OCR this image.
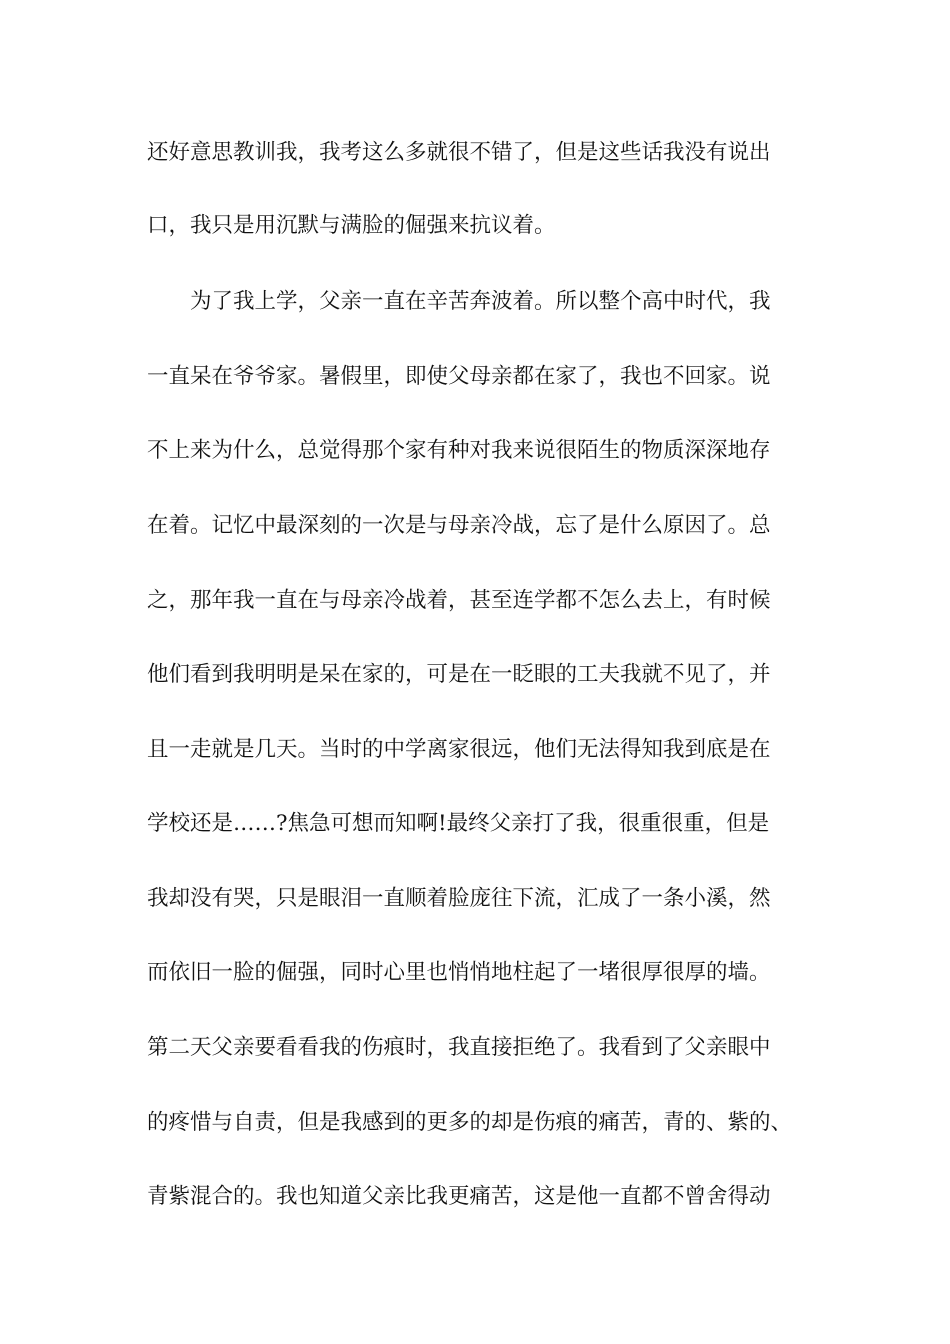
还好意思教训我，我考这么多就很不错了，但是这些话我没有说出

口，我只是用沉默与满脸的倔强来抗议着。

为了我上学，父亲一直在辛苦奔波着。所以整个高中时代，我

一直呆在爷爷家。暑假里，即使父母亲都在家了，我也不回家。说

不上来为什么，总觉得那个家有种对我来说很陌生的物质深深地存

在着。记忆中最深刻的一次是与母亲冷战，忘了是什么原因了。总

之，那年我一直在与母亲冷战着，甚至连学都不怎么去上，有时候

他们看到我明明是呆在家的，可是在一眨眼的工夫我就不见了，并

且一走就是几天。当时的中学离家很远，他们无法得知我到底是在

学校还是……?焦急可想而知啊!最终父亲打了我，很重很重，但是

我却没有哭，只是眼泪一直顺着脸庞往下流，汇成了一条小溪，然

而依旧一脸的倔强，同时心里也悄悄地柱起了一堵很厚很厚的墙。

第二天父亲要看看我的伤痕时，我直接拒绝了。我看到了父亲眼中

的疼惜与自责，但是我感到的更多的却是伤痕的痛苦，青的、紫的、

青紫混合的。我也知道父亲比我更痛苦，这是他一直都不曾舍得动
